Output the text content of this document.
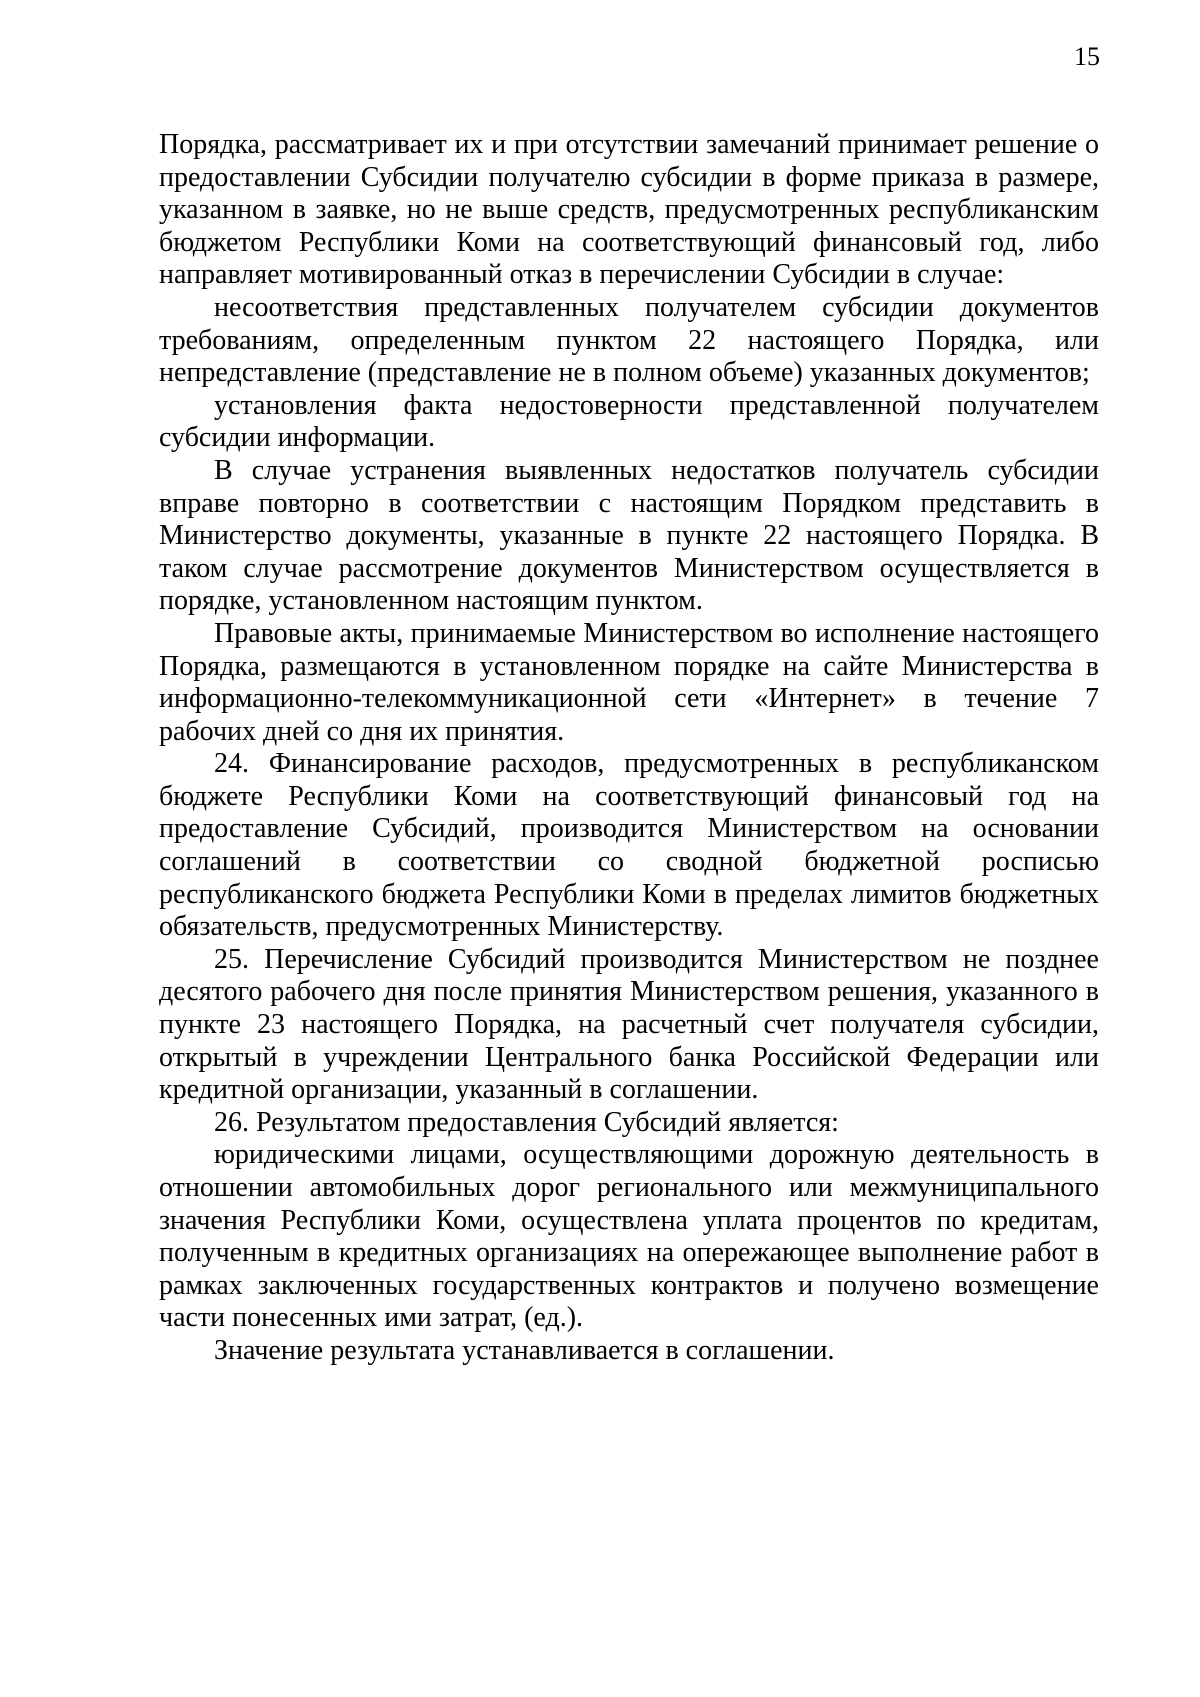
15

Порядка, рассматривает их и при отсутствии замечаний принимает решение о предоставлении Субсидии получателю субсидии в форме приказа в размере, указанном в заявке, но не выше средств, предусмотренных республиканским бюджетом Республики Коми на соответствующий финансовый год, либо направляет мотивированный отказ в перечислении Субсидии в случае:

несоответствия представленных получателем субсидии документов требованиям, определенным пунктом 22 настоящего Порядка, или непредставление (представление не в полном объеме) указанных документов;

установления факта недостоверности представленной получателем субсидии информации.

В случае устранения выявленных недостатков получатель субсидии вправе повторно в соответствии с настоящим Порядком представить в Министерство документы, указанные в пункте 22 настоящего Порядка. В таком случае рассмотрение документов Министерством осуществляется в порядке, установленном настоящим пунктом.

Правовые акты, принимаемые Министерством во исполнение настоящего Порядка, размещаются в установленном порядке на сайте Министерства в информационно-телекоммуникационной сети «Интернет» в течение 7 рабочих дней со дня их принятия.

24. Финансирование расходов, предусмотренных в республиканском бюджете Республики Коми на соответствующий финансовый год на предоставление Субсидий, производится Министерством на основании соглашений в соответствии со сводной бюджетной росписью республиканского бюджета Республики Коми в пределах лимитов бюджетных обязательств, предусмотренных Министерству.

25. Перечисление Субсидий производится Министерством не позднее десятого рабочего дня после принятия Министерством решения, указанного в пункте 23 настоящего Порядка, на расчетный счет получателя субсидии, открытый в учреждении Центрального банка Российской Федерации или кредитной организации, указанный в соглашении.

26. Результатом предоставления Субсидий является:

юридическими лицами, осуществляющими дорожную деятельность в отношении автомобильных дорог регионального или межмуниципального значения Республики Коми, осуществлена уплата процентов по кредитам, полученным в кредитных организациях на опережающее выполнение работ в рамках заключенных государственных контрактов и получено возмещение части понесенных ими затрат, (ед.).

Значение результата устанавливается в соглашении.
